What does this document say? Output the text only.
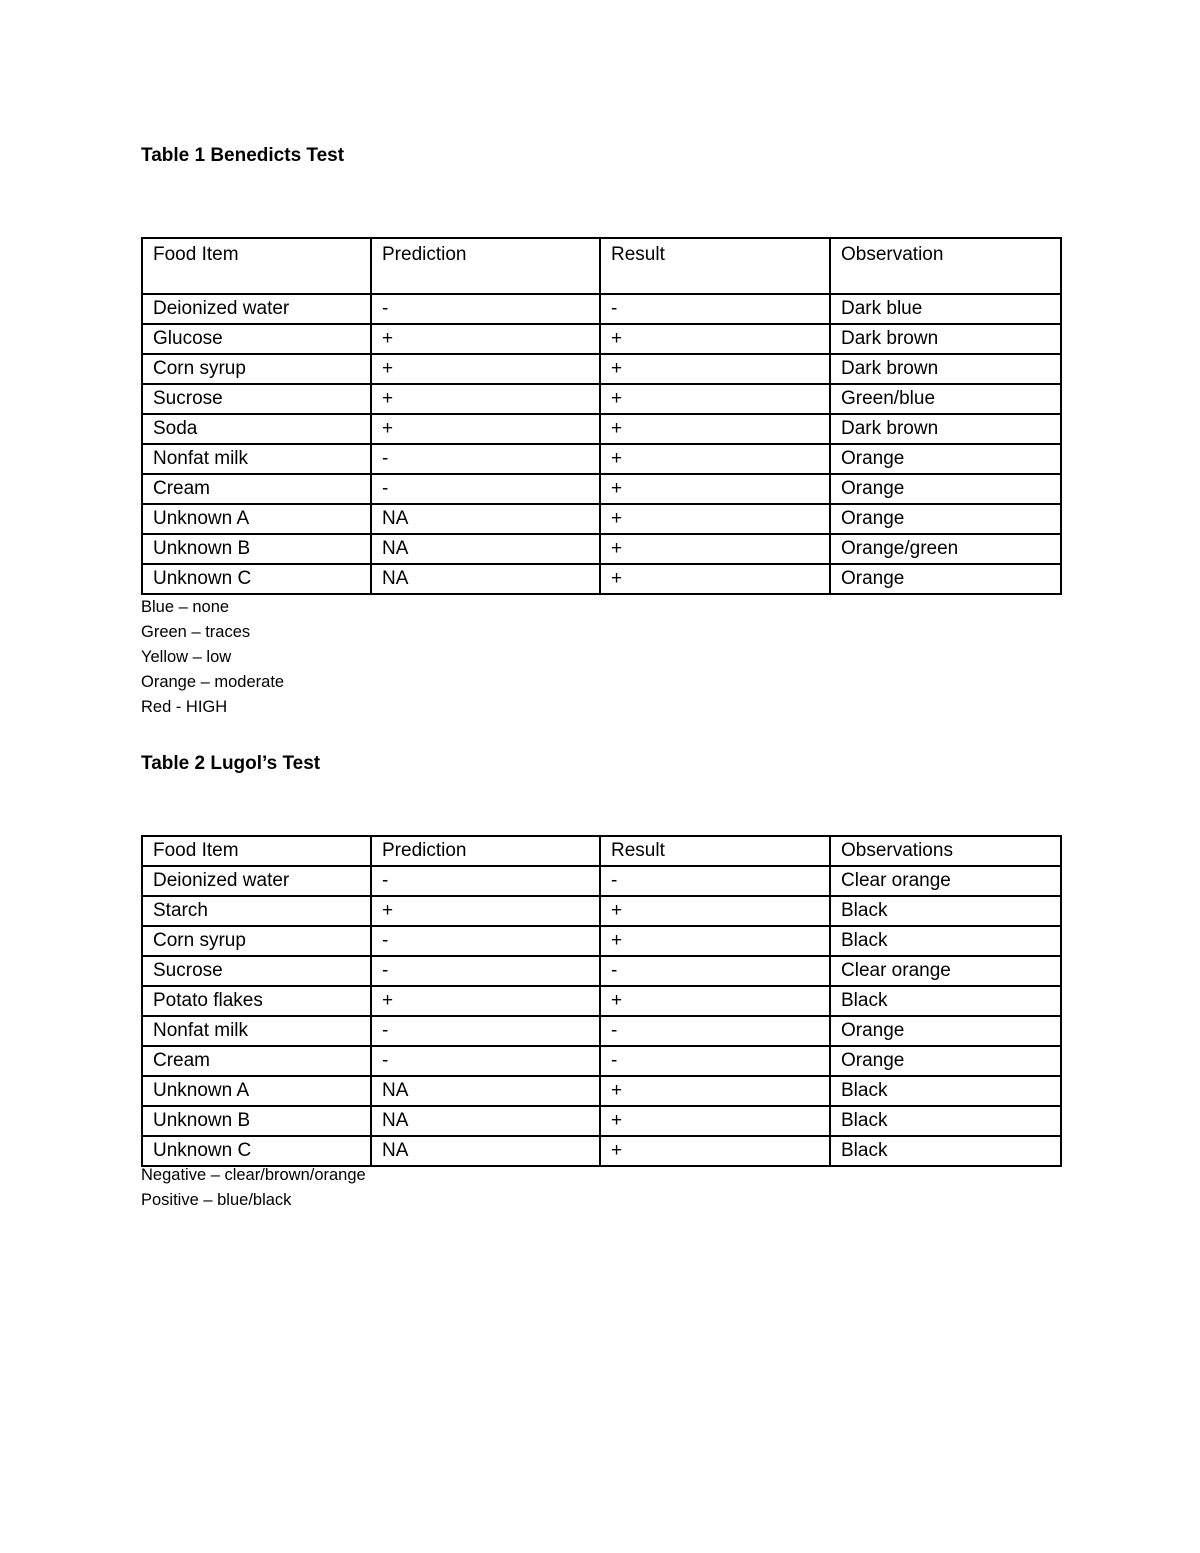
Table 1 Benedicts Test
Food Item	Prediction	Result	Observation
Deionized water	-	-	Dark blue
Glucose	+	+	Dark brown
Corn syrup	+	+	Dark brown
Sucrose	+	+	Green/blue
Soda	+	+	Dark brown
Nonfat milk	-	+	Orange
Cream	-	+	Orange
Unknown A	NA	+	Orange
Unknown B	NA	+	Orange/green
Unknown C	NA	+	Orange
Blue – none
Green – traces
Yellow – low
Orange – moderate
Red - HIGH
Table 2 Lugol’s Test
Food Item	Prediction	Result	Observations
Deionized water	-	-	Clear orange
Starch	+	+	Black
Corn syrup	-	+	Black
Sucrose	-	-	Clear orange
Potato flakes	+	+	Black
Nonfat milk	-	-	Orange
Cream	-	-	Orange
Unknown A	NA	+	Black
Unknown B	NA	+	Black
Unknown C	NA	+	Black
Negative – clear/brown/orange
Positive – blue/black
